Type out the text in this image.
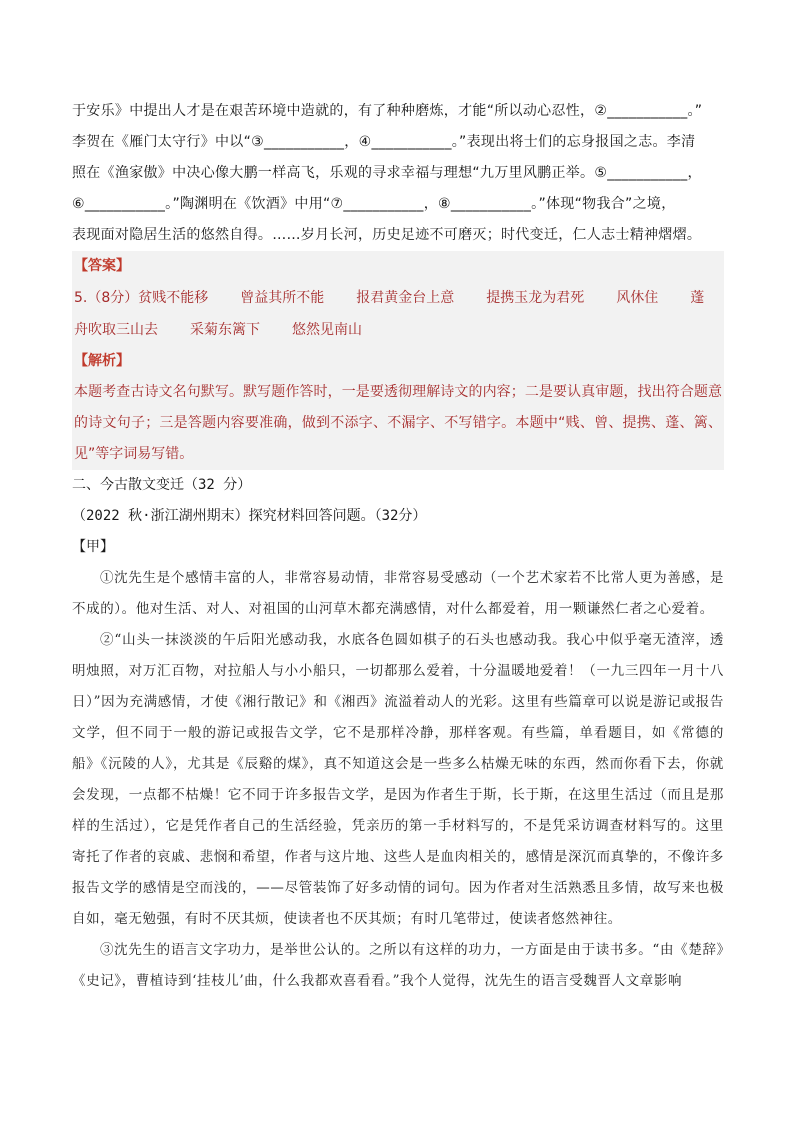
于安乐》中提出人才是在艰苦环境中造就的，有了种种磨炼，才能“所以动心忍性，②___________。”

李贺在《雁门太守行》中以“③___________，④___________。”表现出将士们的忘身报国之志。李清

照在《渔家傲》中决心像大鹏一样高飞，乐观的寻求幸福与理想“九万里风鹏正举。⑤___________，

⑥___________。”陶渊明在《饮酒》中用“⑦___________，⑧___________。”体现“物我合”之境，

表现面对隐居生活的悠然自得。……岁月长河，历史足迹不可磨灭；时代变迁，仁人志士精神熠熠。

【答案】

5.（8分）贫贱不能移 曾益其所不能 报君黄金台上意 提携玉龙为君死 风休住 蓬

舟吹取三山去 采菊东篱下 悠然见南山

【解析】

本题考查古诗文名句默写。默写题作答时，一是要透彻理解诗文的内容；二是要认真审题，找出符合题意的诗文句子；三是答题内容要准确，做到不添字、不漏字、不写错字。本题中“贱、曾、提携、蓬、篱、见”等字词易写错。

二、今古散文变迁（32 分）

（2022 秋·浙江湖州期末）探究材料回答问题。（32分）

【甲】

①沈先生是个感情丰富的人，非常容易动情，非常容易受感动（一个艺术家若不比常人更为善感，是不成的）。他对生活、对人、对祖国的山河草木都充满感情，对什么都爱着，用一颗谦然仁者之心爱着。

②“山头一抹淡淡的午后阳光感动我，水底各色圆如棋子的石头也感动我。我心中似乎毫无渣滓，透明烛照，对万汇百物，对拉船人与小小船只，一切都那么爱着，十分温暖地爱着！（一九三四年一月十八日）”因为充满感情，才使《湘行散记》和《湘西》流溢着动人的光彩。这里有些篇章可以说是游记或报告文学，但不同于一般的游记或报告文学，它不是那样冷静，那样客观。有些篇，单看题目，如《常德的船》《沅陵的人》，尤其是《辰谿的煤》，真不知道这会是一些多么枯燥无味的东西，然而你看下去，你就会发现，一点都不枯燥！它不同于许多报告文学，是因为作者生于斯，长于斯，在这里生活过（而且是那样的生活过），它是凭作者自己的生活经验，凭亲历的第一手材料写的，不是凭采访调查材料写的。这里寄托了作者的哀戚、悲悯和希望，作者与这片地、这些人是血肉相关的，感情是深沉而真挚的，不像许多报告文学的感情是空而浅的，——尽管装饰了好多动情的词句。因为作者对生活熟悉且多情，故写来也极自如，毫无勉强，有时不厌其烦，使读者也不厌其烦；有时几笔带过，使读者悠然神往。

③沈先生的语言文字功力，是举世公认的。之所以有这样的功力，一方面是由于读书多。“由《楚辞》《史记》，曹植诗到‘挂枝儿’曲，什么我都欢喜看看。”我个人觉得，沈先生的语言受魏晋人文章影响
